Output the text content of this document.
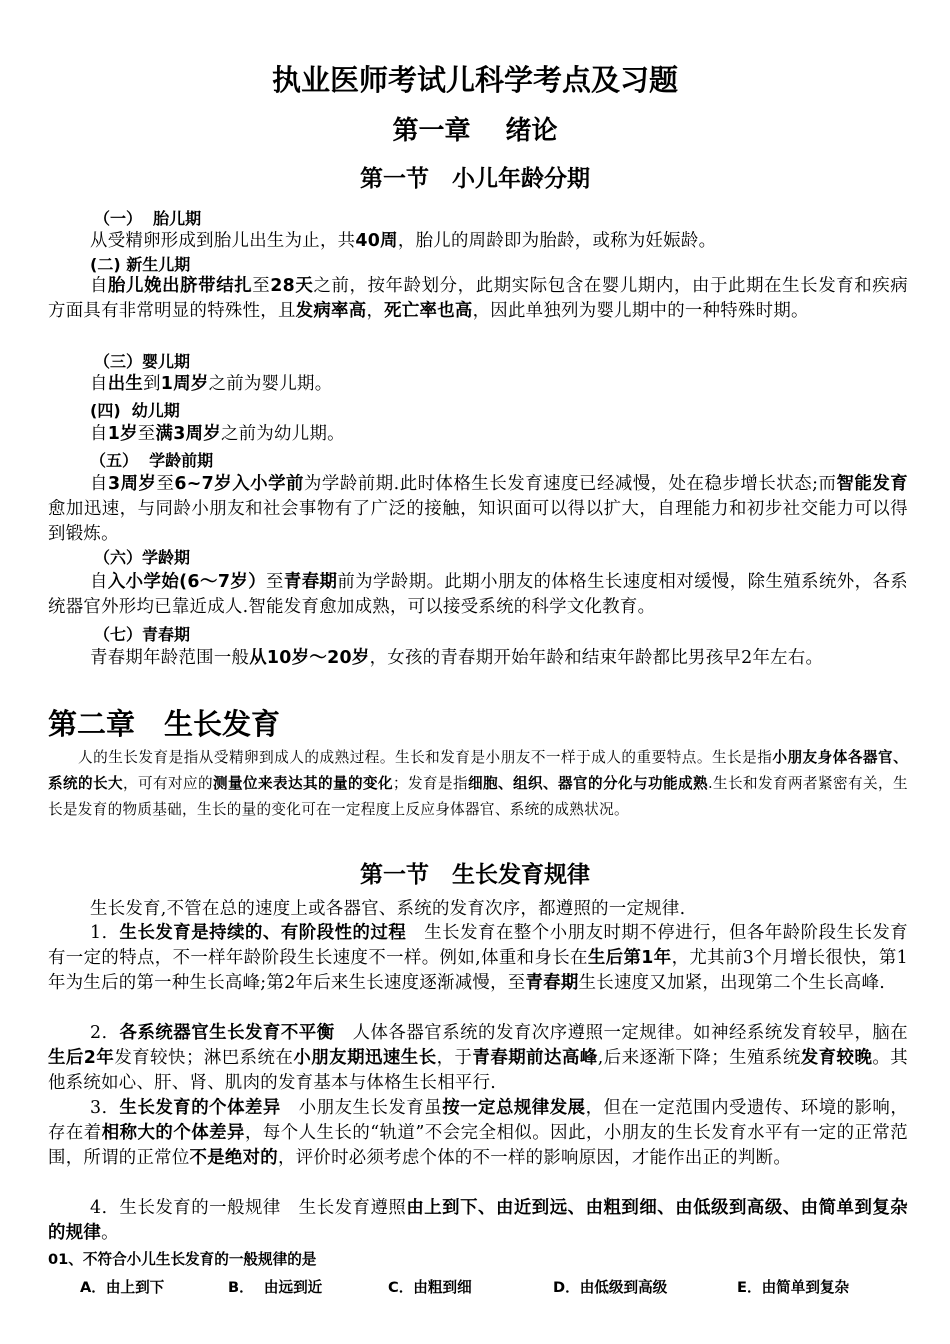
执业医师考试儿科学考点及习题
第一章　 绪论
第一节　小儿年龄分期
（一）  胎儿期
从受精卵形成到胎儿出生为止，共40周，胎儿的周龄即为胎龄，或称为妊娠龄。
(二) 新生儿期
自胎儿娩出脐带结扎至28天之前，按年龄划分，此期实际包含在婴儿期内，由于此期在生长发育和疾病方面具有非常明显的特殊性，且发病率高，死亡率也高，因此单独列为婴儿期中的一种特殊时期。
（三）婴儿期
自出生到1周岁之前为婴儿期。
(四)  幼儿期
自1岁至满3周岁之前为幼儿期。
（五）  学龄前期
自3周岁至6~7岁入小学前为学龄前期.此时体格生长发育速度已经减慢，处在稳步增长状态;而智能发育愈加迅速，与同龄小朋友和社会事物有了广泛的接触，知识面可以得以扩大，自理能力和初步社交能力可以得到锻炼。
（六）学龄期
自入小学始(6～7岁）至青春期前为学龄期。此期小朋友的体格生长速度相对缓慢，除生殖系统外，各系统器官外形均已靠近成人.智能发育愈加成熟，可以接受系统的科学文化教育。
（七）青春期
青春期年龄范围一般从10岁～20岁，女孩的青春期开始年龄和结束年龄都比男孩早2年左右。
第二章　生长发育
人的生长发育是指从受精卵到成人的成熟过程。生长和发育是小朋友不一样于成人的重要特点。生长是指小朋友身体各器官、系统的长大，可有对应的测量位来表达其的量的变化；发育是指细胞、组织、器官的分化与功能成熟.生长和发育两者紧密有关，生长是发育的物质基础，生长的量的变化可在一定程度上反应身体器官、系统的成熟状况。
第一节　生长发育规律
生长发育,不管在总的速度上或各器官、系统的发育次序，都遵照的一定规律.
1．生长发育是持续的、有阶段性的过程　生长发育在整个小朋友时期不停进行，但各年龄阶段生长发育有一定的特点，不一样年龄阶段生长速度不一样。例如,体重和身长在生后第1年，尤其前3个月增长很快，第1年为生后的第一种生长高峰;第2年后来生长速度逐渐减慢，至青春期生长速度又加紧，出现第二个生长高峰.
2．各系统器官生长发育不平衡　人体各器官系统的发育次序遵照一定规律。如神经系统发育较早，脑在生后2年发育较快；淋巴系统在小朋友期迅速生长，于青春期前达高峰,后来逐渐下降；生殖系统发育较晚。其他系统如心、肝、肾、肌肉的发育基本与体格生长相平行.
3．生长发育的个体差异　小朋友生长发育虽按一定总规律发展，但在一定范围内受遗传、环境的影响，存在着相称大的个体差异，每个人生长的“轨道”不会完全相似。因此，小朋友的生长发育水平有一定的正常范围，所谓的正常位不是绝对的，评价时必须考虑个体的不一样的影响原因，才能作出正的判断。
4．生长发育的一般规律　生长发育遵照由上到下、由近到远、由粗到细、由低级到高级、由简单到复杂的规律。
01、不符合小儿生长发育的一般规律的是
A．由上到下	B．  由远到近	C．由粗到细	D．由低级到高级	E．由简单到复杂
